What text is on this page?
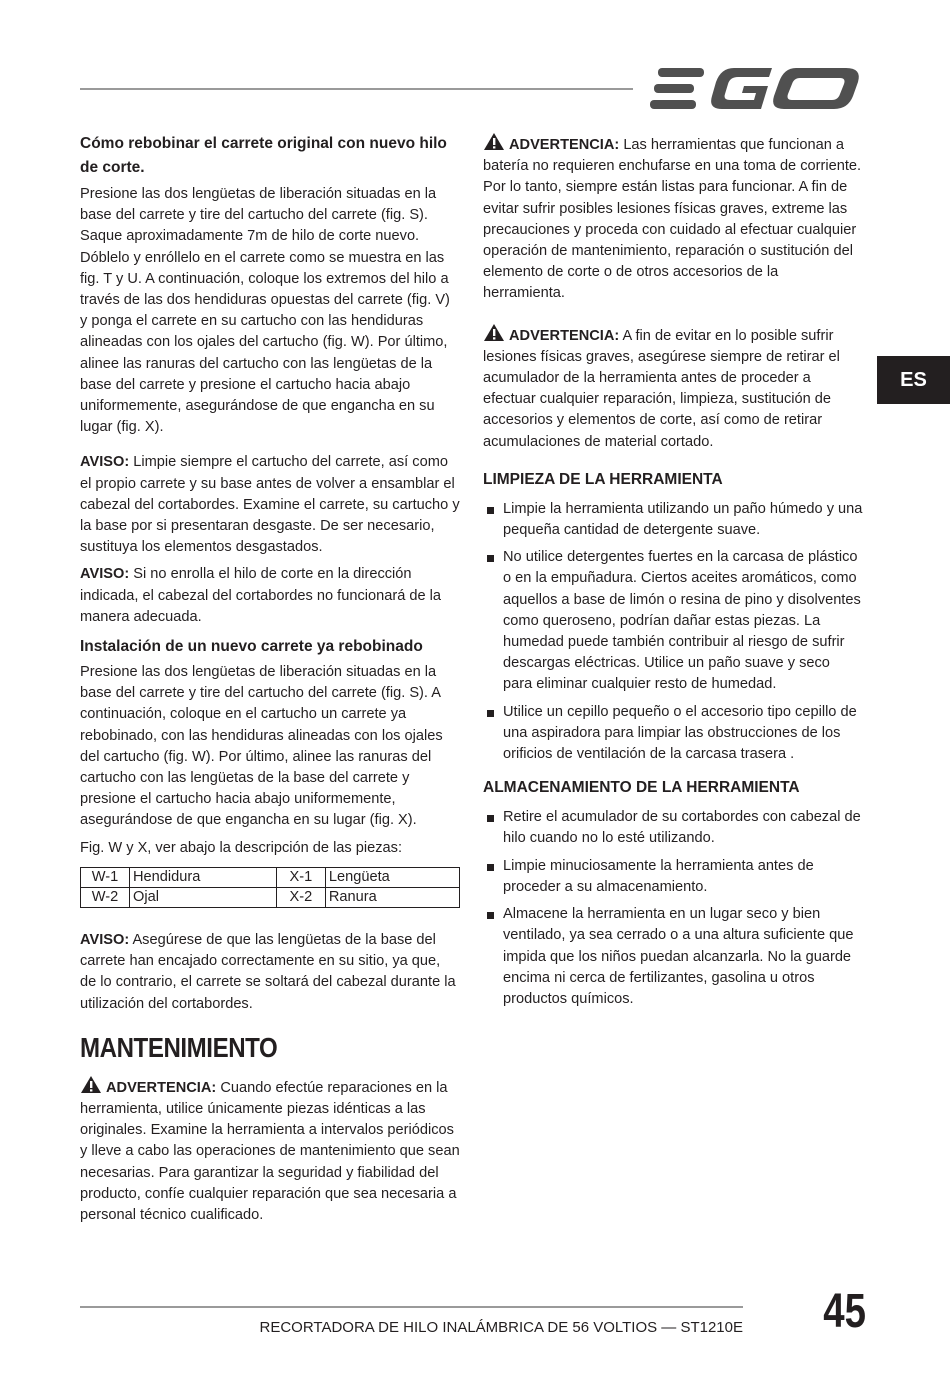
ES
Cómo rebobinar el carrete original con nuevo hilo de corte.

Presione las dos lengüetas de liberación situadas en la base del carrete y tire del cartucho del carrete (fig. S). Saque aproximadamente 7m de hilo de corte nuevo. Dóblelo y enróllelo en el carrete como se muestra en las fig. T y U. A continuación, coloque los extremos del hilo a través de las dos hendiduras opuestas del carrete (fig. V) y ponga el carrete en su cartucho con las hendiduras alineadas con los ojales del cartucho (fig. W). Por último, alinee las ranuras del cartucho con las lengüetas de la base del carrete y presione el cartucho hacia abajo uniformemente, asegurándose de que engancha en su lugar (fig. X).

AVISO: Limpie siempre el cartucho del carrete, así como el propio carrete y su base antes de volver a ensamblar el cabezal del cortabordes. Examine el carrete, su cartucho y la base por si presentaran desgaste. De ser necesario, sustituya los elementos desgastados.

AVISO: Si no enrolla el hilo de corte en la dirección indicada, el cabezal del cortabordes no funcionará de la manera adecuada.

Instalación de un nuevo carrete ya rebobinado

Presione las dos lengüetas de liberación situadas en la base del carrete y tire del cartucho del carrete (fig. S). A continuación, coloque en el cartucho un carrete ya rebobinado, con las hendiduras alineadas con los ojales del cartucho (fig. W). Por último, alinee las ranuras del cartucho con las lengüetas de la base del carrete y presione el cartucho hacia abajo uniformemente, asegurándose de que engancha en su lugar (fig. X).

Fig. W y X, ver abajo la descripción de las piezas:

W-1	Hendidura	X-1	Lengüeta
W-2	Ojal	X-2	Ranura

AVISO: Asegúrese de que las lengüetas de la base del carrete han encajado correctamente en su sitio, ya que, de lo contrario, el carrete se soltará del cabezal durante la utilización del cortabordes.

MANTENIMIENTO

ADVERTENCIA: Cuando efectúe reparaciones en la herramienta, utilice únicamente piezas idénticas a las originales. Examine la herramienta a intervalos periódicos y lleve a cabo las operaciones de mantenimiento que sean necesarias. Para garantizar la seguridad y fiabilidad del producto, confíe cualquier reparación que sea necesaria a personal técnico cualificado.

ADVERTENCIA: Las herramientas que funcionan a batería no requieren enchufarse en una toma de corriente. Por lo tanto, siempre están listas para funcionar. A fin de evitar sufrir posibles lesiones físicas graves, extreme las precauciones y proceda con cuidado al efectuar cualquier operación de mantenimiento, reparación o sustitución del elemento de corte o de otros accesorios de la herramienta.

ADVERTENCIA: A fin de evitar en lo posible sufrir lesiones físicas graves, asegúrese siempre de retirar el acumulador de la herramienta antes de proceder a efectuar cualquier reparación, limpieza, sustitución de accesorios y elementos de corte, así como de retirar acumulaciones de material cortado.

LIMPIEZA DE LA HERRAMIENTA
Limpie la herramienta utilizando un paño húmedo y una pequeña cantidad de detergente suave.
No utilice detergentes fuertes en la carcasa de plástico o en la empuñadura. Ciertos aceites aromáticos, como aquellos a base de limón o resina de pino y disolventes como queroseno, podrían dañar estas piezas. La humedad puede también contribuir al riesgo de sufrir descargas eléctricas. Utilice un paño suave y seco para eliminar cualquier resto de humedad.
Utilice un cepillo pequeño o el accesorio tipo cepillo de una aspiradora para limpiar las obstrucciones de los orificios de ventilación de la carcasa trasera .
ALMACENAMIENTO DE LA HERRAMIENTA
Retire el acumulador de su cortabordes con cabezal de hilo cuando no lo esté utilizando.
Limpie minuciosamente la herramienta antes de proceder a su almacenamiento.
Almacene la herramienta en un lugar seco y bien ventilado, ya sea cerrado o a una altura suficiente que impida que los niños puedan alcanzarla. No la guarde encima ni cerca de fertilizantes, gasolina u otros productos químicos.
RECORTADORA DE HILO INALÁMBRICA DE 56 VOLTIOS — ST1210E 45
